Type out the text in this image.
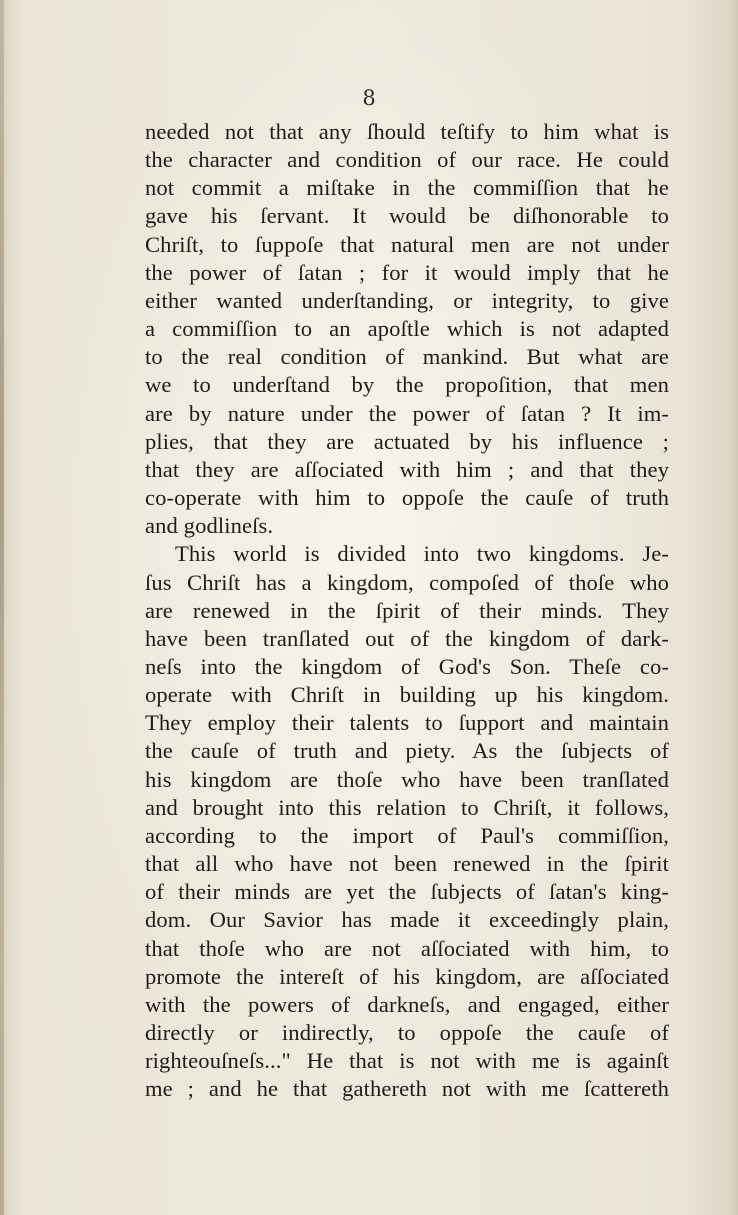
8
needed not that any ſhould teſtify to him what is
the character and condition of our race. He could
not commit a miſtake in the commiſſion that he
gave his ſervant. It would be diſhonorable to
Chriſt, to ſuppoſe that natural men are not under
the power of ſatan ; for it would imply that he
either wanted underſtanding, or integrity, to give
a commiſſion to an apoſtle which is not adapted
to the real condition of mankind. But what are
we to underſtand by the propoſition, that men
are by nature under the power of ſatan ? It im-
plies, that they are actuated by his influence ;
that they are aſſociated with him ; and that they
co-operate with him to oppoſe the cauſe of truth
and godlineſs.
This world is divided into two kingdoms. Je-
ſus Chriſt has a kingdom, compoſed of thoſe who
are renewed in the ſpirit of their minds. They
have been tranſlated out of the kingdom of dark-
neſs into the kingdom of God's Son. Theſe co-
operate with Chriſt in building up his kingdom.
They employ their talents to ſupport and maintain
the cauſe of truth and piety. As the ſubjects of
his kingdom are thoſe who have been tranſlated
and brought into this relation to Chriſt, it follows,
according to the import of Paul's commiſſion,
that all who have not been renewed in the ſpirit
of their minds are yet the ſubjects of ſatan's king-
dom. Our Savior has made it exceedingly plain,
that thoſe who are not aſſociated with him, to
promote the intereſt of his kingdom, are aſſociated
with the powers of darkneſs, and engaged, either
directly or indirectly, to oppoſe the cauſe of
righteouſneſs..." He that is not with me is againſt
me ; and he that gathereth not with me ſcattereth
